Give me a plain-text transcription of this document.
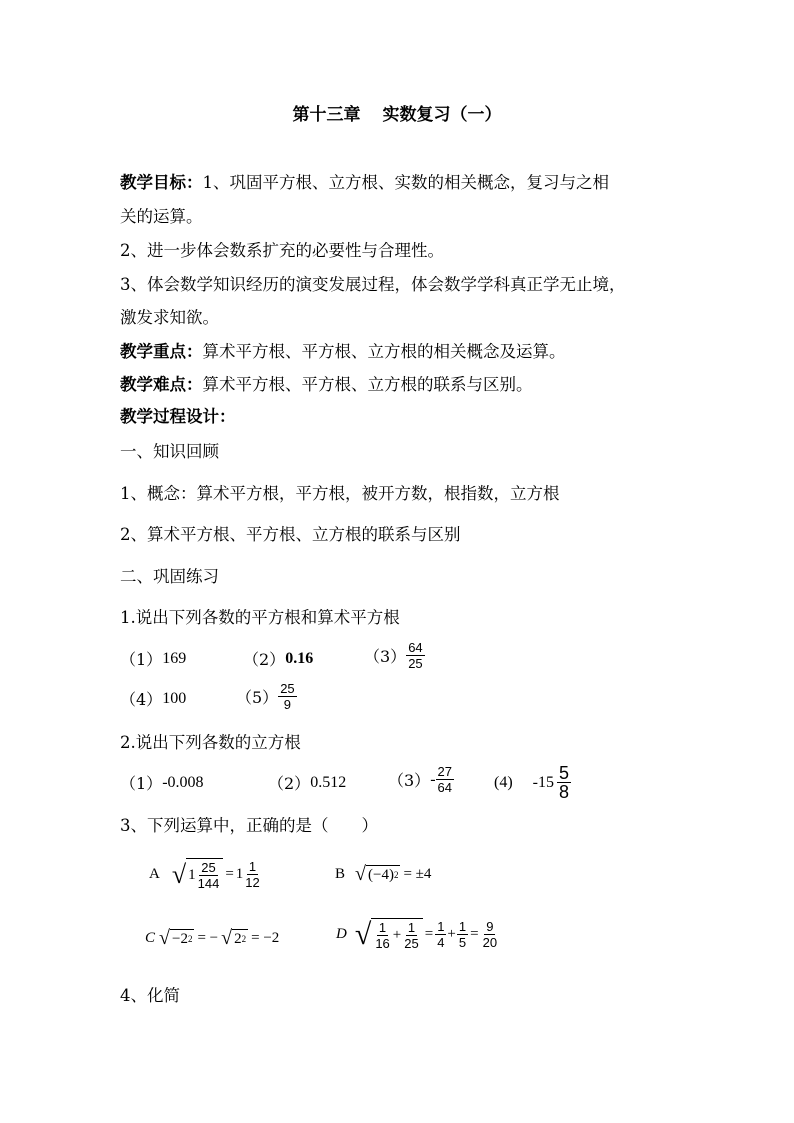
第十三章 实数复习（一）
教学目标：1、巩固平方根、立方根、实数的相关概念，复习与之相
关的运算。
2、进一步体会数系扩充的必要性与合理性。
3、体会数学知识经历的演变发展过程，体会数学学科真正学无止境，
激发求知欲。
教学重点：算术平方根、平方根、立方根的相关概念及运算。
教学难点：算术平方根、平方根、立方根的联系与区别。
教学过程设计：
一、知识回顾
1、概念：算术平方根，平方根，被开方数，根指数，立方根
2、算术平方根、平方根、立方根的联系与区别
二、巩固练习
1.说出下列各数的平方根和算术平方根
（1） 169	（2） 0.16	$(3) \frac{64}{25}$
（4） 100	$(5) \frac{25}{9}$
2.说出下列各数的立方根
（1） -0.008	（2） 0.512	$(3) - \frac{27}{64}$	(4) $-15 \frac{5}{8}$
3、下列运算中，正确的是（　　）
A √ $1 \frac{25}{144} = 1 \frac{1}{12}$	B √ (−4) 2 = ±4
C √ −2 2 = − √ 2 2 = −2	D √ $\frac{1}{16} + \frac{1}{25} = \frac{1}{4} + \frac{1}{5} = \frac{9}{20}$
4、化简
